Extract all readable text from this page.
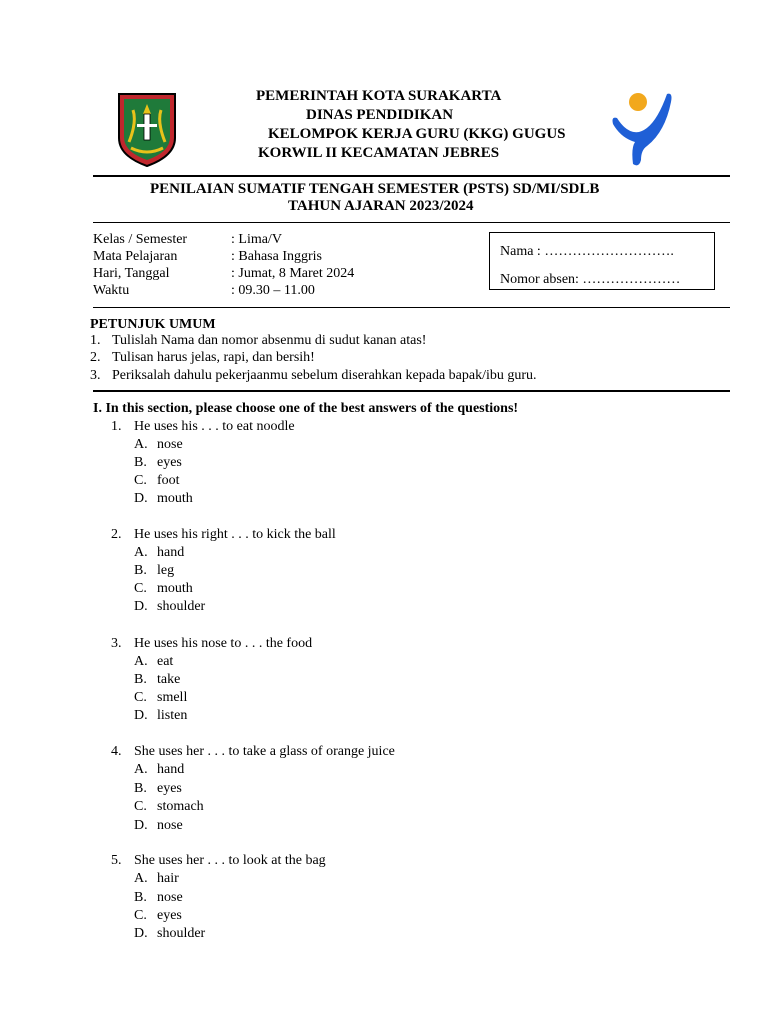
PEMERINTAH KOTA SURAKARTA
DINAS PENDIDIKAN
KELOMPOK KERJA GURU (KKG) GUGUS
KORWIL II KECAMATAN JEBRES
PENILAIAN SUMATIF TENGAH SEMESTER (PSTS) SD/MI/SDLB
TAHUN AJARAN 2023/2024
Kelas / Semester	: Lima/V
Mata Pelajaran	: Bahasa Inggris
Hari, Tanggal	: Jumat, 8 Maret 2024
Waktu	: 09.30 – 11.00
Nama : ……………………….
Nomor absen: …………………
PETUNJUK UMUM
1. Tulislah Nama dan nomor absenmu di sudut kanan atas!
2. Tulisan harus jelas, rapi, dan bersih!
3. Periksalah dahulu pekerjaanmu sebelum diserahkan kepada bapak/ibu guru.
I. In this section, please choose one of the best answers of the questions!
1. He uses his . . . to eat noodle
A. nose
B. eyes
C. foot
D. mouth
2. He uses his right . . . to kick the ball
A. hand
B. leg
C. mouth
D. shoulder
3. He uses his nose to . . . the food
A. eat
B. take
C. smell
D. listen
4. She uses her . . . to take a glass of orange juice
A. hand
B. eyes
C. stomach
D. nose
5. She uses her . . . to look at the bag
A. hair
B. nose
C. eyes
D. shoulder
